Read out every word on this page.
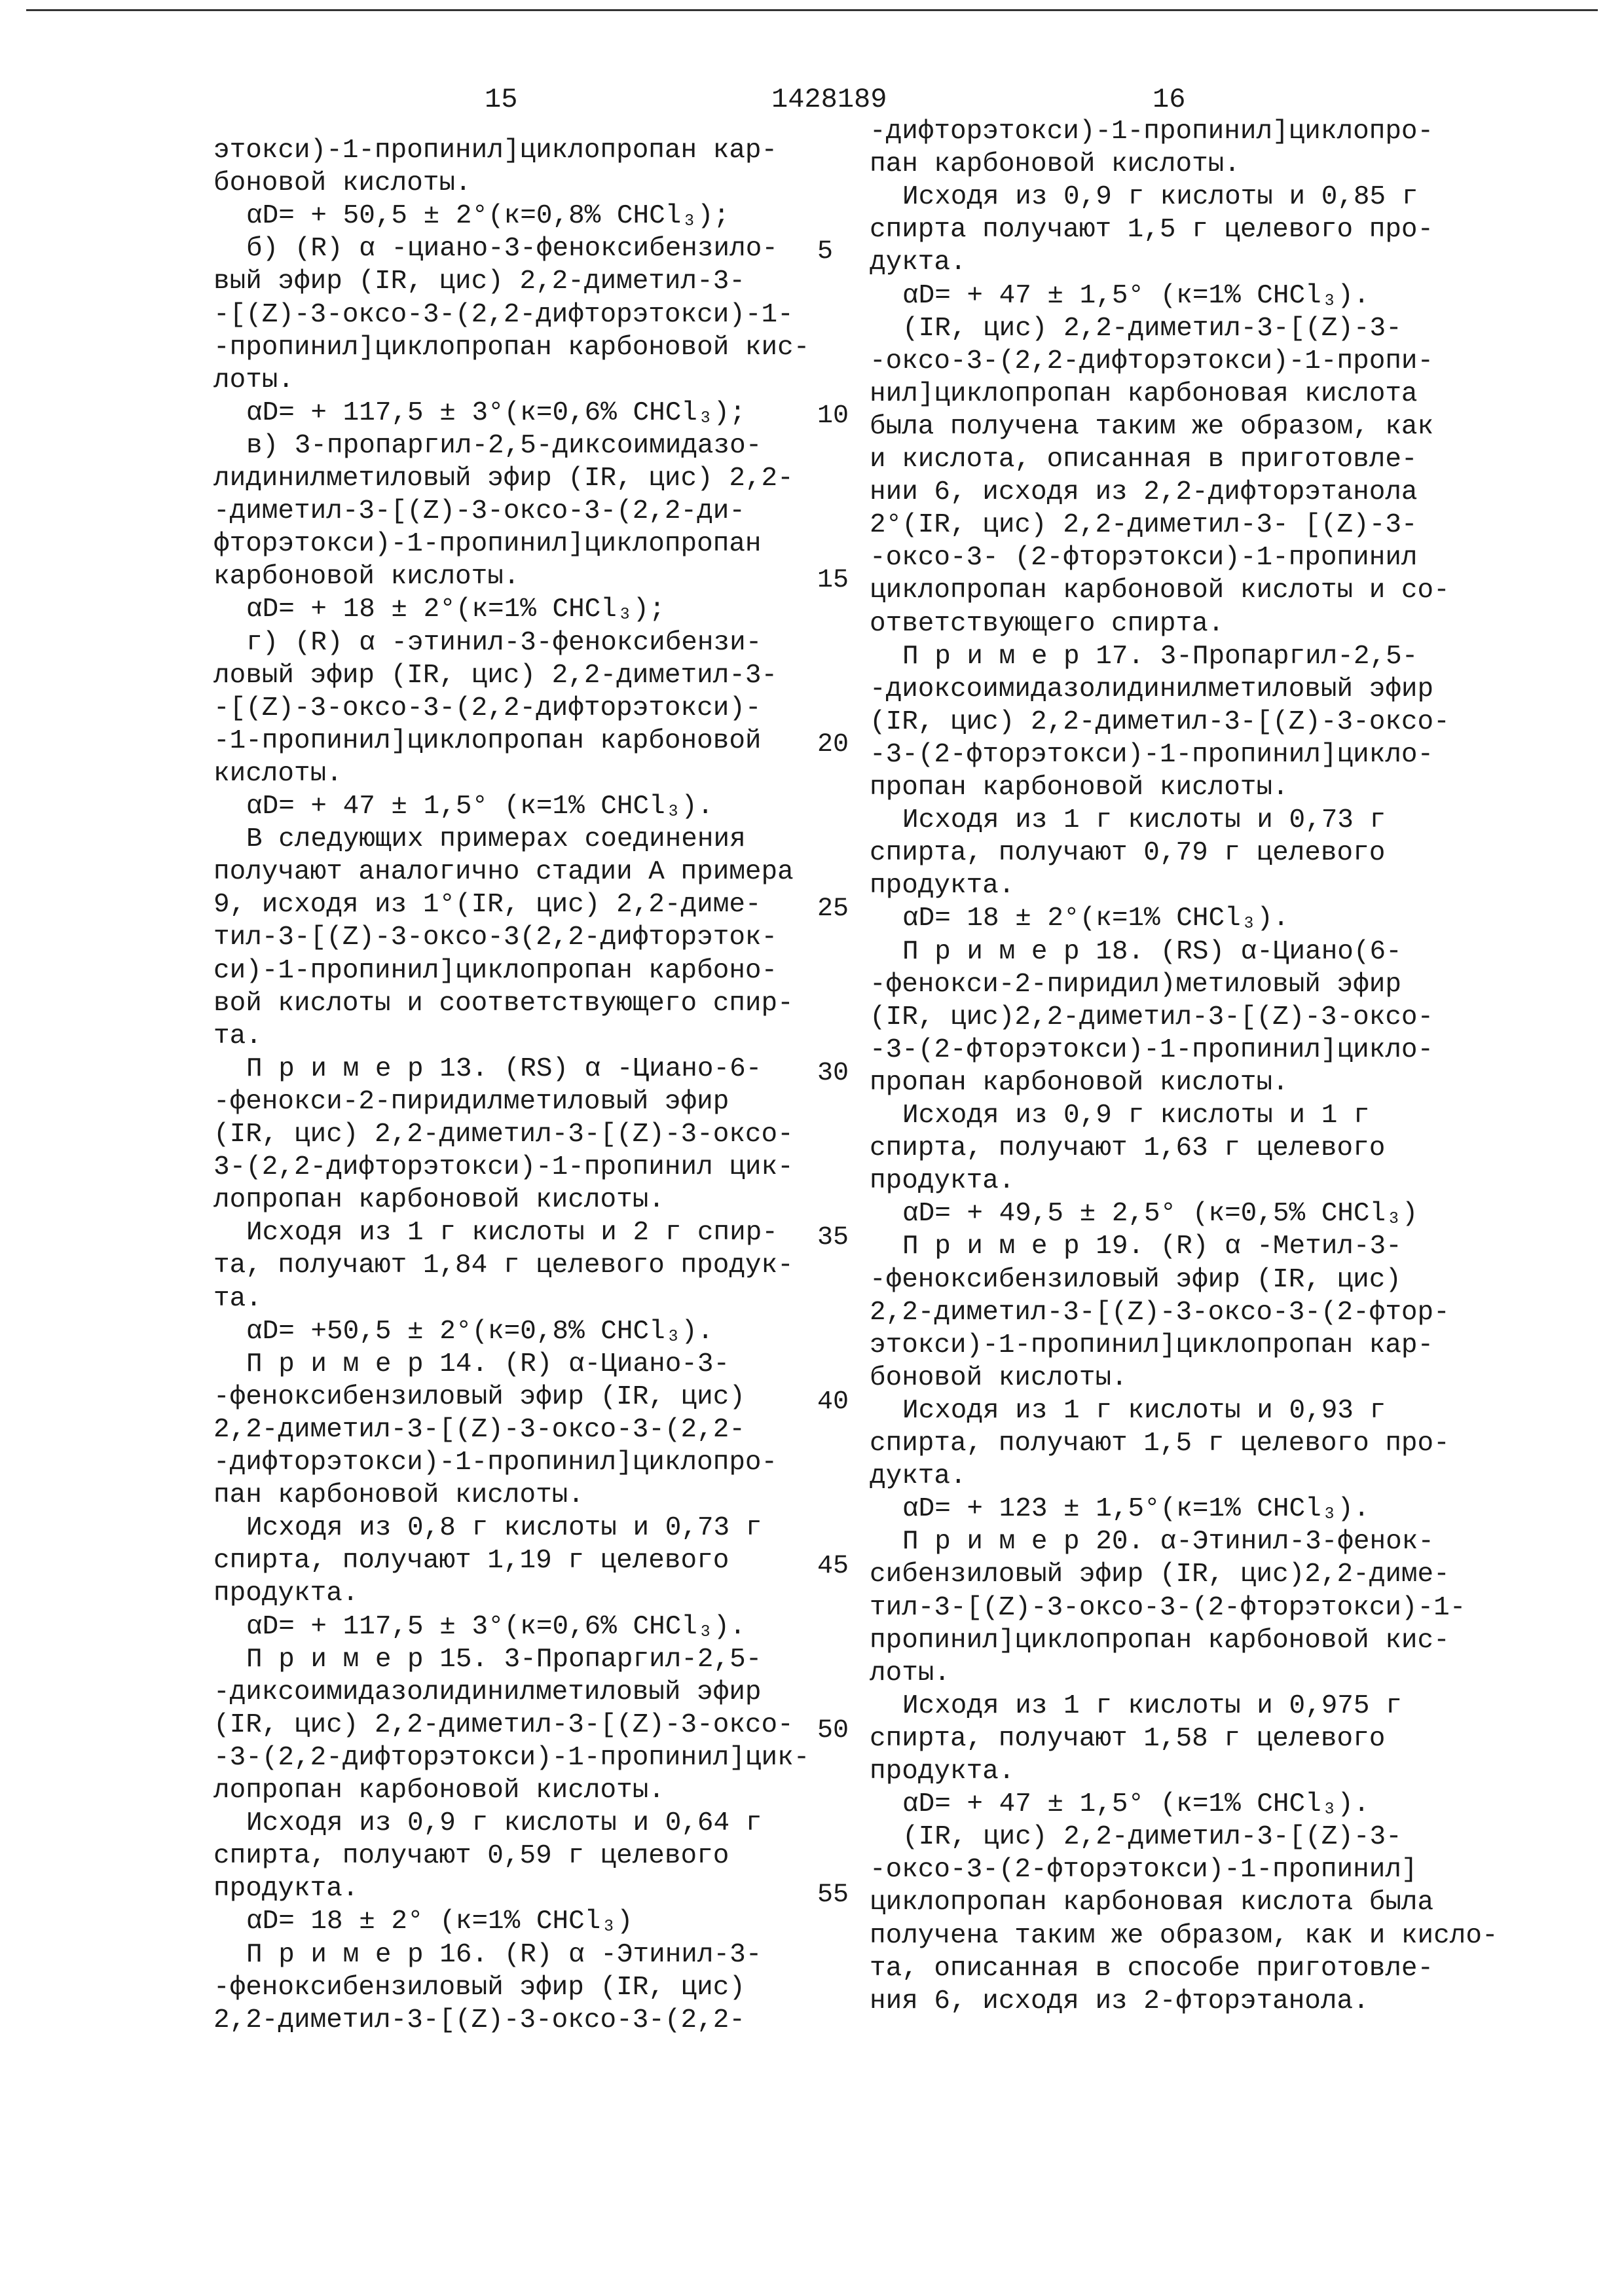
15	1428189	16
этокси)-1-пропинил]циклопропан кар-
боновой кислоты.
αD= + 50,5 ± 2°(к=0,8% CHCl₃);
б) (R) α -циано-3-феноксибензило-
вый эфир (IR, цис) 2,2-диметил-3-
-[(Z)-3-оксо-3-(2,2-дифторэтокси)-1-
-пропинил]циклопропан карбоновой кис-
лоты.
αD= + 117,5 ± 3°(к=0,6% CHCl₃);
в) 3-пропаргил-2,5-диксоимидазо-
лидинилметиловый эфир (IR, цис) 2,2-
-диметил-3-[(Z)-3-оксо-3-(2,2-ди-
фторэтокси)-1-пропинил]циклопропан
карбоновой кислоты.
αD= + 18 ± 2°(к=1% CHCl₃);
г) (R) α -этинил-3-феноксибензи-
ловый эфир (IR, цис) 2,2-диметил-3-
-[(Z)-3-оксо-3-(2,2-дифторэтокси)-
-1-пропинил]циклопропан карбоновой
кислоты.
αD= + 47 ± 1,5° (к=1% CHCl₃).
В следующих примерах соединения
получают аналогично стадии А примера
9, исходя из 1°(IR, цис) 2,2-диме-
тил-3-[(Z)-3-оксо-3(2,2-дифторэток-
си)-1-пропинил]циклопропан карбоно-
вой кислоты и соответствующего спир-
та.
П р и м е р 13. (RS) α -Циано-6-
-фенокси-2-пиридилметиловый эфир
(IR, цис) 2,2-диметил-3-[(Z)-3-оксо-
3-(2,2-дифторэтокси)-1-пропинил цик-
лопропан карбоновой кислоты.
Исходя из 1 г кислоты и 2 г спир-
та, получают 1,84 г целевого продук-
та.
αD= +50,5 ± 2°(к=0,8% CHCl₃).
П р и м е р 14. (R) α-Циано-3-
-феноксибензиловый эфир (IR, цис)
2,2-диметил-3-[(Z)-3-оксо-3-(2,2-
-дифторэтокси)-1-пропинил]циклопро-
пан карбоновой кислоты.
Исходя из 0,8 г кислоты и 0,73 г
спирта, получают 1,19 г целевого
продукта.
αD= + 117,5 ± 3°(к=0,6% CHCl₃).
П р и м е р 15. 3-Пропаргил-2,5-
-диксоимидазолидинилметиловый эфир
(IR, цис) 2,2-диметил-3-[(Z)-3-оксо-
-3-(2,2-дифторэтокси)-1-пропинил]цик-
лопропан карбоновой кислоты.
Исходя из 0,9 г кислоты и 0,64 г
спирта, получают 0,59 г целевого
продукта.
αD= 18 ± 2° (к=1% CHCl₃)
П р и м е р 16. (R) α -Этинил-3-
-феноксибензиловый эфир (IR, цис)
2,2-диметил-3-[(Z)-3-оксо-3-(2,2-
-дифторэтокси)-1-пропинил]циклопро-
пан карбоновой кислоты.
Исходя из 0,9 г кислоты и 0,85 г
спирта получают 1,5 г целевого про-
дукта.
αD= + 47 ± 1,5° (к=1% CHCl₃).
(IR, цис) 2,2-диметил-3-[(Z)-3-
-оксо-3-(2,2-дифторэтокси)-1-пропи-
нил]циклопропан карбоновая кислота
была получена таким же образом, как
и кислота, описанная в приготовле-
нии 6, исходя из 2,2-дифторэтанола
2°(IR, цис) 2,2-диметил-3- [(Z)-3-
-оксо-3- (2-фторэтокси)-1-пропинил
циклопропан карбоновой кислоты и со-
ответствующего спирта.
П р и м е р 17. 3-Пропаргил-2,5-
-диоксоимидазолидинилметиловый эфир
(IR, цис) 2,2-диметил-3-[(Z)-3-оксо-
-3-(2-фторэтокси)-1-пропинил]цикло-
пропан карбоновой кислоты.
Исходя из 1 г кислоты и 0,73 г
спирта, получают 0,79 г целевого
продукта.
αD= 18 ± 2°(к=1% CHCl₃).
П р и м е р 18. (RS) α-Циано(6-
-фенокси-2-пиридил)метиловый эфир
(IR, цис)2,2-диметил-3-[(Z)-3-оксо-
-3-(2-фторэтокси)-1-пропинил]цикло-
пропан карбоновой кислоты.
Исходя из 0,9 г кислоты и 1 г
спирта, получают 1,63 г целевого
продукта.
αD= + 49,5 ± 2,5° (к=0,5% CHCl₃)
П р и м е р 19. (R) α -Метил-3-
-феноксибензиловый эфир (IR, цис)
2,2-диметил-3-[(Z)-3-оксо-3-(2-фтор-
этокси)-1-пропинил]циклопропан кар-
боновой кислоты.
Исходя из 1 г кислоты и 0,93 г
спирта, получают 1,5 г целевого про-
дукта.
αD= + 123 ± 1,5°(к=1% CHCl₃).
П р и м е р 20. α-Этинил-3-фенок-
сибензиловый эфир (IR, цис)2,2-диме-
тил-3-[(Z)-3-оксо-3-(2-фторэтокси)-1-
пропинил]циклопропан карбоновой кис-
лоты.
Исходя из 1 г кислоты и 0,975 г
спирта, получают 1,58 г целевого
продукта.
αD= + 47 ± 1,5° (к=1% CHCl₃).
(IR, цис) 2,2-диметил-3-[(Z)-3-
-оксо-3-(2-фторэтокси)-1-пропинил]
циклопропан карбоновая кислота была
получена таким же образом, как и кисло-
та, описанная в способе приготовле-
ния 6, исходя из 2-фторэтанола.
5
10
15
20
25
30
35
40
45
50
55
